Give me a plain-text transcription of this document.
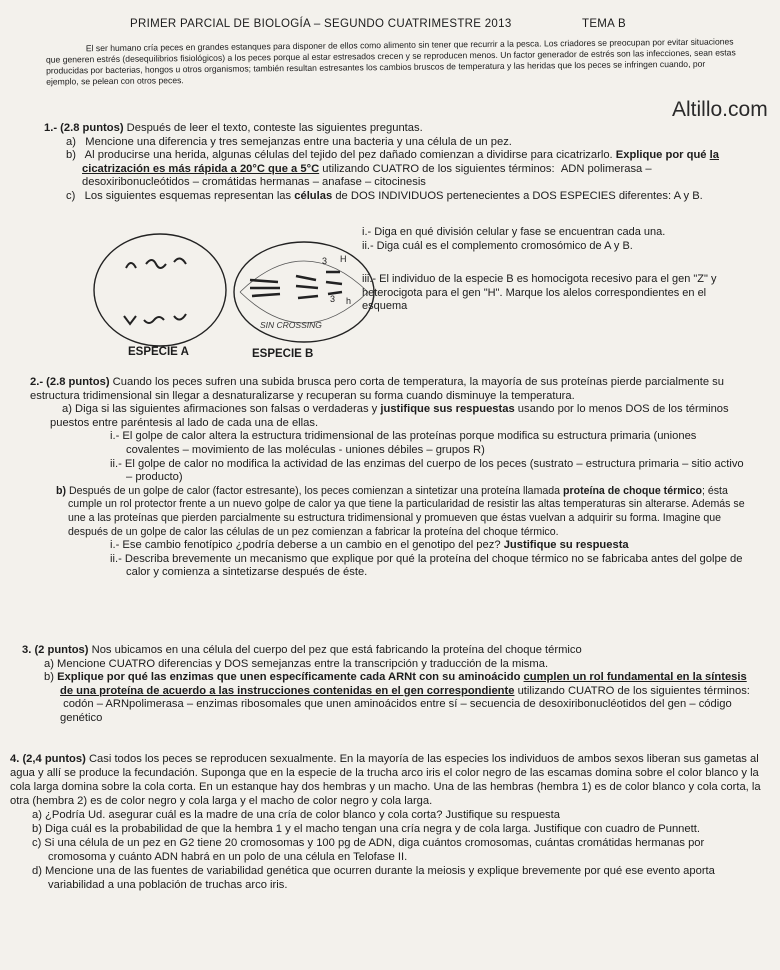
PRIMER PARCIAL DE BIOLOGÍA – SEGUNDO CUATRIMESTRE 2013	TEMA B

El ser humano cría peces en grandes estanques para disponer de ellos como alimento sin tener que recurrir a la pesca. Los criadores se preocupan por evitar situaciones que generen estrés (desequilibrios fisiológicos) a los peces porque al estar estresados crecen y se reproducen menos. Un factor generador de estrés son las infecciones, sean estas producidas por bacterias, hongos u otros organismos; también resultan estresantes los cambios bruscos de temperatura y las heridas que los peces se infringen cuando, por ejemplo, se pelean con otros peces.

Altillo.com

1.- (2.8 puntos) Después de leer el texto, conteste las siguientes preguntas.

a) Mencione una diferencia y tres semejanzas entre una bacteria y una célula de un pez.

b) Al producirse una herida, algunas células del tejido del pez dañado comienzan a dividirse para cicatrizarlo. Explique por qué la cicatrización es más rápida a 20°C que a 5°C utilizando CUATRO de los siguientes términos: ADN polimerasa – desoxiribonucleótidos – cromátidas hermanas – anafase – citocinesis

c) Los siguientes esquemas representan las células de DOS INDIVIDUOS pertenecientes a DOS ESPECIES diferentes: A y B.

3 H
3 h
SIN CROSSING
ESPECIE A	ESPECIE B

i.- Diga en qué división celular y fase se encuentran cada una.

ii.- Diga cuál es el complemento cromosómico de A y B.

iii.- El individuo de la especie B es homocigota recesivo para el gen "Z" y heterocigota para el gen "H". Marque los alelos correspondientes en el esquema

2.- (2.8 puntos) Cuando los peces sufren una subida brusca pero corta de temperatura, la mayoría de sus proteínas pierde parcialmente su estructura tridimensional sin llegar a desnaturalizarse y recuperan su forma cuando disminuye la temperatura.

a) Diga si las siguientes afirmaciones son falsas o verdaderas y justifique sus respuestas usando por lo menos DOS de los términos puestos entre paréntesis al lado de cada una de ellas.

i.- El golpe de calor altera la estructura tridimensional de las proteínas porque modifica su estructura primaria (uniones covalentes – movimiento de las moléculas - uniones débiles – grupos R)

ii.- El golpe de calor no modifica la actividad de las enzimas del cuerpo de los peces (sustrato – estructura primaria – sitio activo – producto)

b) Después de un golpe de calor (factor estresante), los peces comienzan a sintetizar una proteína llamada proteína de choque térmico; ésta cumple un rol protector frente a un nuevo golpe de calor ya que tiene la particularidad de resistir las altas temperaturas sin alterarse. Además se une a las proteínas que pierden parcialmente su estructura tridimensional y promueven que éstas vuelvan a adquirir su forma. Imagine que después de un golpe de calor las células de un pez comienzan a fabricar la proteína del choque térmico.

i.- Ese cambio fenotípico ¿podría deberse a un cambio en el genotipo del pez? Justifique su respuesta

ii.- Describa brevemente un mecanismo que explique por qué la proteína del choque térmico no se fabricaba antes del golpe de calor y comienza a sintetizarse después de éste.

3. (2 puntos) Nos ubicamos en una célula del cuerpo del pez que está fabricando la proteína del choque térmico

a) Mencione CUATRO diferencias y DOS semejanzas entre la transcripción y traducción de la misma.

b) Explique por qué las enzimas que unen específicamente cada ARNt con su aminoácido cumplen un rol fundamental en la síntesis de una proteína de acuerdo a las instrucciones contenidas en el gen correspondiente utilizando CUATRO de los siguientes términos:  codón – ARNpolimerasa – enzimas ribosomales que unen aminoácidos entre sí – secuencia de desoxiribonucléotidos del gen – código genético

4. (2,4 puntos) Casi todos los peces se reproducen sexualmente. En la mayoría de las especies los individuos de ambos sexos liberan sus gametas al agua y allí se produce la fecundación. Suponga que en la especie de la trucha arco iris el color negro de las escamas domina sobre el color blanco y la cola larga domina sobre la cola corta. En un estanque hay dos hembras y un macho. Una de las hembras (hembra 1) es de color blanco y cola corta, la otra (hembra 2) es de color negro y cola larga y el macho de color negro y cola larga.

a) ¿Podría Ud. asegurar cuál es la madre de una cría de color blanco y cola corta? Justifique su respuesta

b) Diga cuál es la probabilidad de que la hembra 1 y el macho tengan una cría negra y de cola larga. Justifique con cuadro de Punnett.

c) Si una célula de un pez en G2 tiene 20 cromosomas y 100 pg de ADN, diga cuántos cromosomas, cuántas cromátidas hermanas por cromosoma y cuánto ADN habrá en un polo de una célula en Telofase II.

d) Mencione una de las fuentes de variabilidad genética que ocurren durante la meiosis y explique brevemente por qué ese evento aporta variabilidad a una población de truchas arco iris.
